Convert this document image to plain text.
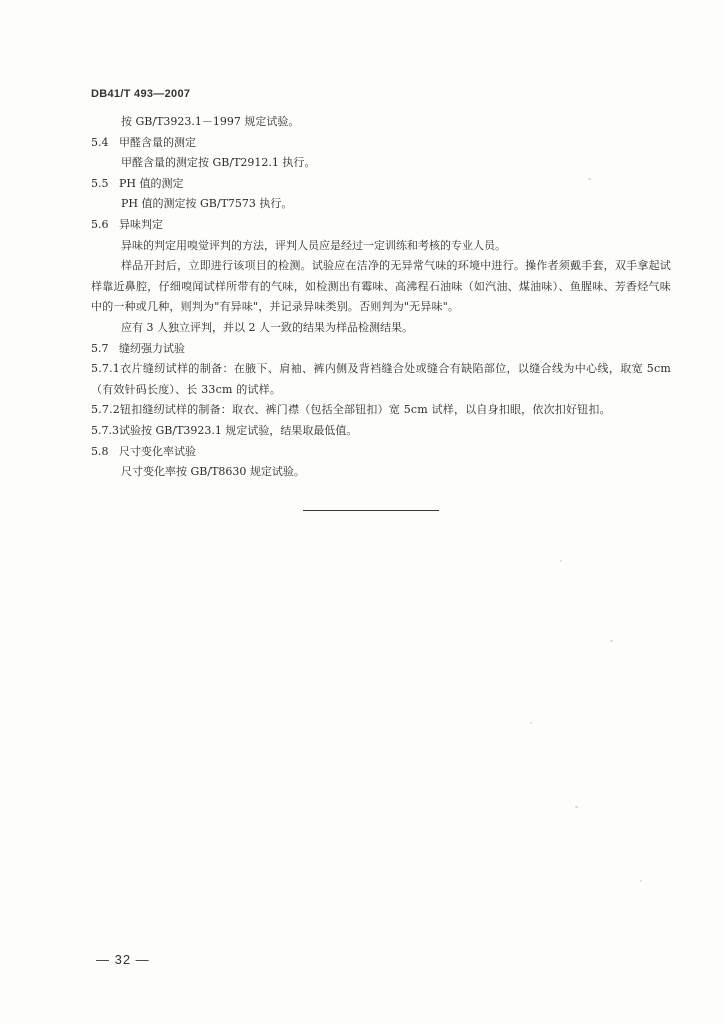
DB41/T 493—2007
按 GB/T3923.1－1997 规定试验。
5.4 甲醛含量的测定
甲醛含量的测定按 GB/T2912.1 执行。
5.5 PH 值的测定
PH 值的测定按 GB/T7573 执行。
5.6 异味判定
异味的判定用嗅觉评判的方法，评判人员应是经过一定训练和考核的专业人员。
样品开封后，立即进行该项目的检测。试验应在洁净的无异常气味的环境中进行。操作者须戴手套，双手拿起试样靠近鼻腔，仔细嗅闻试样所带有的气味，如检测出有霉味、高沸程石油味（如汽油、煤油味）、鱼腥味、芳香烃气味中的一种或几种，则判为"有异味"，并记录异味类别。否则判为"无异味"。
应有 3 人独立评判，并以 2 人一致的结果为样品检测结果。
5.7 缝纫强力试验
5.7.1衣片缝纫试样的制备：在腋下、肩袖、裤内侧及背裆缝合处或缝合有缺陷部位，以缝合线为中心线，取宽 5cm（有效针码长度）、长 33cm 的试样。
5.7.2钮扣缝纫试样的制备：取衣、裤门襟（包括全部钮扣）宽 5cm 试样，以自身扣眼，依次扣好钮扣。
5.7.3试验按 GB/T3923.1 规定试验，结果取最低值。
5.8 尺寸变化率试验
尺寸变化率按 GB/T8630 规定试验。
— 32 —
